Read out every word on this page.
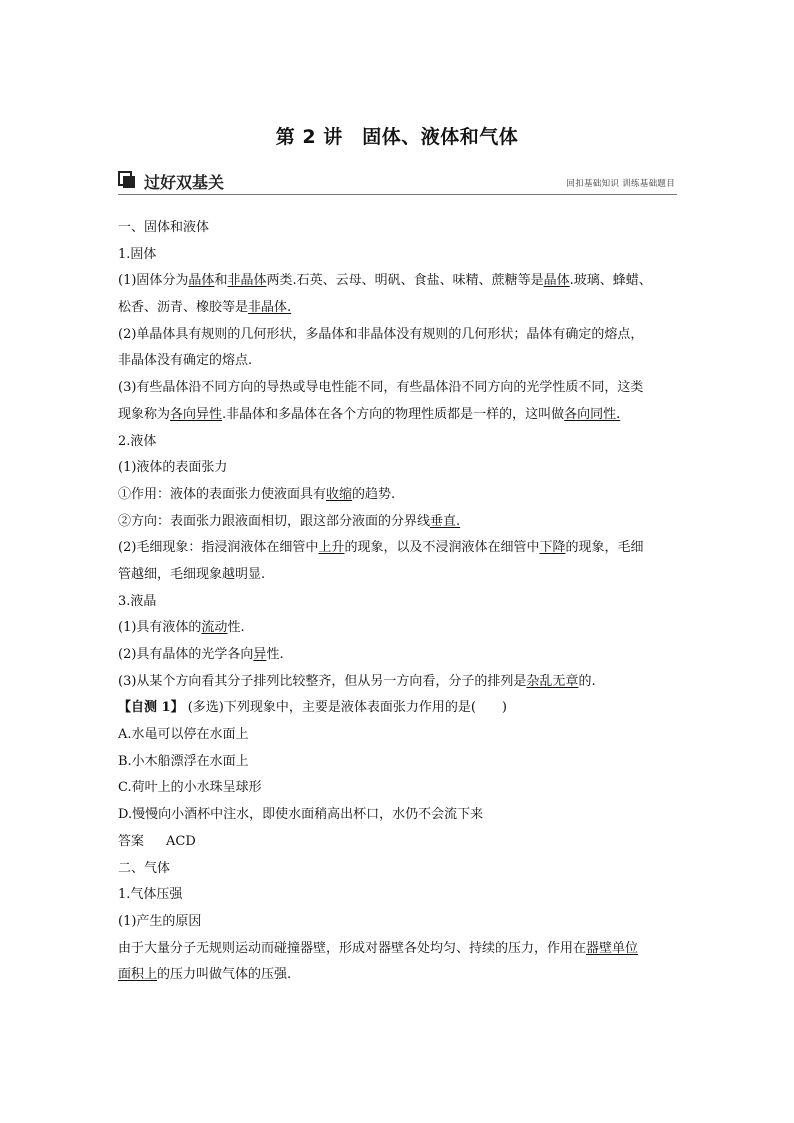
第 2 讲　固体、液体和气体
过好双基关	回扣基础知识 训练基础题目
一、固体和液体
1.固体
(1)固体分为晶体和非晶体两类.石英、云母、明矾、食盐、味精、蔗糖等是晶体.玻璃、蜂蜡、
松香、沥青、橡胶等是非晶体.
(2)单晶体具有规则的几何形状，多晶体和非晶体没有规则的几何形状；晶体有确定的熔点，
非晶体没有确定的熔点.
(3)有些晶体沿不同方向的导热或导电性能不同，有些晶体沿不同方向的光学性质不同，这类
现象称为各向异性.非晶体和多晶体在各个方向的物理性质都是一样的，这叫做各向同性.
2.液体
(1)液体的表面张力
①作用：液体的表面张力使液面具有收缩的趋势.
②方向：表面张力跟液面相切，跟这部分液面的分界线垂直.
(2)毛细现象：指浸润液体在细管中上升的现象，以及不浸润液体在细管中下降的现象，毛细
管越细，毛细现象越明显.
3.液晶
(1)具有液体的流动性.
(2)具有晶体的光学各向异性.
(3)从某个方向看其分子排列比较整齐，但从另一方向看，分子的排列是杂乱无章的.
【自测 1】 (多选)下列现象中，主要是液体表面张力作用的是(　　)
A.水黾可以停在水面上
B.小木船漂浮在水面上
C.荷叶上的小水珠呈球形
D.慢慢向小酒杯中注水，即使水面稍高出杯口，水仍不会流下来
答案 ACD
二、气体
1.气体压强
(1)产生的原因
由于大量分子无规则运动而碰撞器壁，形成对器壁各处均匀、持续的压力，作用在器壁单位
面积上的压力叫做气体的压强.
